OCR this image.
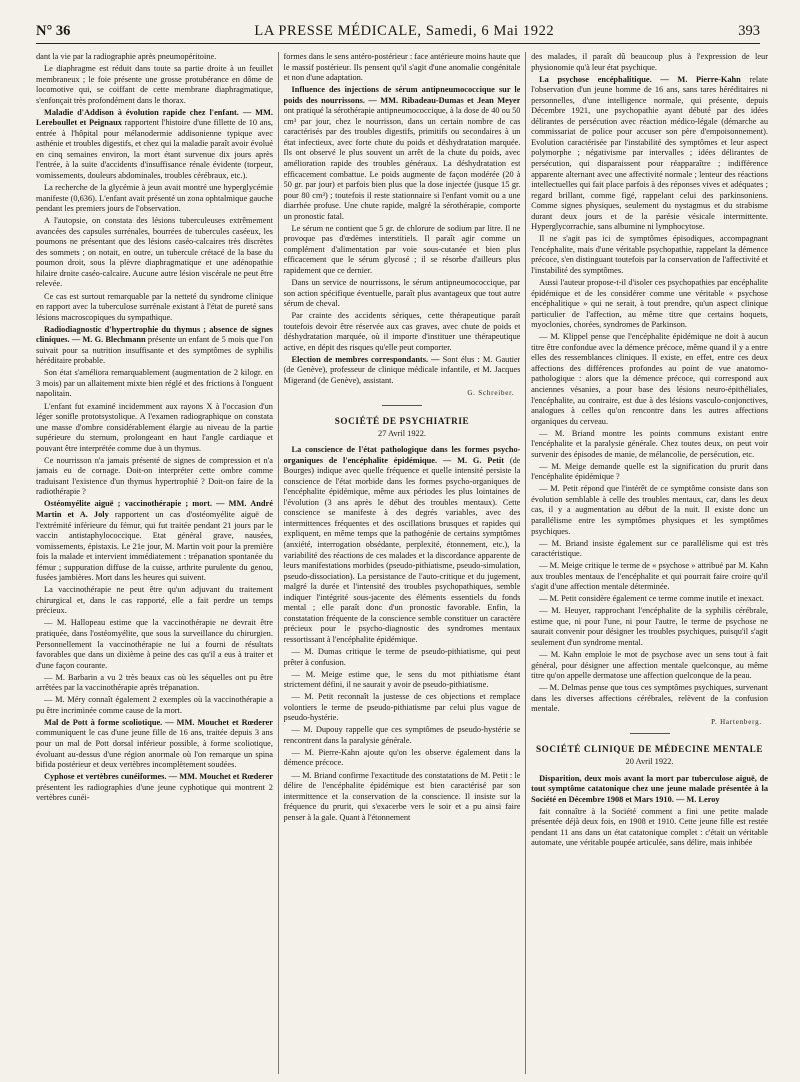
N° 36	LA PRESSE MÉDICALE, Samedi, 6 Mai 1922	393

dant la vie par la radiographie après pneumopéritoine.

Le diaphragme est réduit dans toute sa partie droite à un feuillet membraneux ; le foie présente une grosse protubérance en dôme de locomotive qui, se coiffant de cette membrane diaphragmatique, s'enfonçait très profondément dans le thorax.

Maladie d'Addison à évolution rapide chez l'enfant. — MM. Lereboullet et Peignaux rapportent l'histoire d'une fillette de 10 ans, entrée à l'hôpital pour mélanodermie addisonienne typique avec asthénie et troubles digestifs, et chez qui la maladie paraît avoir évolué en cinq semaines environ, la mort étant survenue dix jours après l'entrée, à la suite d'accidents d'insuffisance rénale évidente (torpeur, vomissements, douleurs abdominales, troubles cérébraux, etc.).

La recherche de la glycémie à jeun avait montré une hyperglycémie manifeste (0,636). L'enfant avait présenté un zona ophtalmique gauche pendant les premiers jours de l'observation.

A l'autopsie, on constata des lésions tuberculeuses extrêmement avancées des capsules surrénales, bourrées de tubercules caséeux, les poumons ne présentant que des lésions caséo-calcaires très discrètes des sommets ; on notait, en outre, un tubercule crétacé de la base du poumon droit, sous la plèvre diaphragmatique et une adénopathie hilaire droite caséo-calcaire. Aucune autre lésion viscérale ne peut être relevée.

Ce cas est surtout remarquable par la netteté du syndrome clinique en rapport avec la tuberculose surrénale existant à l'état de pureté sans lésions macroscopiques du sympathique.

Radiodiagnostic d'hypertrophie du thymus ; absence de signes cliniques. — M. G. Blechmann présente un enfant de 5 mois que l'on suivait pour sa nutrition insuffisante et des symptômes de syphilis héréditaire probable.

Son état s'améliora remarquablement (augmentation de 2 kilogr. en 3 mois) par un allaitement mixte bien réglé et des frictions à l'onguent napolitain.

L'enfant fut examiné incidemment aux rayons X à l'occasion d'un léger sonifle prototsystolique. A l'examen radiographique on constata une masse d'ombre considérablement élargie au niveau de la partie supérieure du sternum, prolongeant en haut l'angle cardiaque et pouvant être interprétée comme due à un thymus.

Ce nourrisson n'a jamais présenté de signes de compression et n'a jamais eu de cornage. Doit-on interpréter cette ombre comme traduisant l'existence d'un thymus hypertrophié ? Doit-on faire de la radiothérapie ?

Ostéomyélite aiguë ; vaccinothérapie ; mort. — MM. André Martin et A. Joly rapportent un cas d'ostéomyélite aiguë de l'extrémité inférieure du fémur, qui fut traitée pendant 21 jours par le vaccin antistaphylococcique. Etat général grave, nausées, vomissements, épistaxis. Le 21e jour, M. Martin voit pour la première fois la malade et intervient immédiatement : trépanation spontanée du fémur ; suppuration diffuse de la cuisse, arthrite purulente du genou, fusées jambières. Mort dans les heures qui suivent.

La vaccinothérapie ne peut être qu'un adjuvant du traitement chirurgical et, dans le cas rapporté, elle a fait perdre un temps précieux.

— M. Hallopeau estime que la vaccinothérapie ne devrait être pratiquée, dans l'ostéomyélite, que sous la surveillance du chirurgien. Personnellement la vaccinothérapie ne lui a fourni de résultats favorables que dans un dixième à peine des cas qu'il a eus à traiter et d'une façon courante.

— M. Barbarin a vu 2 très beaux cas où les séquelles ont pu être arrêtées par la vaccinothérapie après trépanation.

— M. Méry connaît également 2 exemples où la vaccinothérapie a pu être incriminée comme cause de la mort.

Mal de Pott à forme scoliotique. — MM. Mouchet et Rœderer communiquent le cas d'une jeune fille de 16 ans, traitée depuis 3 ans pour un mal de Pott dorsal inférieur possible, à forme scoliotique, évoluant au-dessus d'une région anormale où l'on remarque un spina bifida postérieur et deux vertèbres incomplètement soudées.

Cyphose et vertèbres cunéiformes. — MM. Mouchet et Rœderer présentent les radiographies d'une jeune cyphotique qui montrent 2 vertèbres cunéi-

formes dans le sens antéro-postérieur : face antérieure moins haute que le massif postérieur. Ils pensent qu'il s'agit d'une anomalie congénitale et non d'une adaptation.

Influence des injections de sérum antipneumococcique sur le poids des nourrissons. — MM. Ribadeau-Dumas et Jean Meyer ont pratiqué la sérothérapie antipneumococcique, à la dose de 40 ou 50 cm³ par jour, chez le nourrisson, dans un certain nombre de cas caractérisés par des troubles digestifs, primitifs ou secondaires à un état infectieux, avec forte chute du poids et déshydratation marquée. Ils ont observé le plus souvent un arrêt de la chute du poids, avec amélioration rapide des troubles généraux. La déshydratation est efficacement combattue. Le poids augmente de façon modérée (20 à 50 gr. par jour) et parfois bien plus que la dose injectée (jusque 15 gr. pour 80 cm³) ; toutefois il reste stationnaire si l'enfant vomit ou a une diarrhée profuse. Une chute rapide, malgré la sérothérapie, comporte un pronostic fatal.

Le sérum ne contient que 5 gr. de chlorure de sodium par litre. Il ne provoque pas d'œdèmes interstitiels. Il paraît agir comme un complément d'alimentation par voie sous-cutanée et bien plus efficacement que le sérum glycosé ; il se résorbe d'ailleurs plus rapidement que ce dernier.

Dans un service de nourrissons, le sérum antipneumococcique, par son action spécifique éventuelle, paraît plus avantageux que tout autre sérum de cheval.

Par crainte des accidents sériques, cette thérapeutique paraît toutefois devoir être réservée aux cas graves, avec chute de poids et déshydratation marquée, où il importe d'instituer une thérapeutique active, en dépit des risques qu'elle peut comporter.

Election de membres correspondants. — Sont élus : M. Gautier (de Genève), professeur de clinique médicale infantile, et M. Jacques Migerand (de Genève), assistant.

G. Schreiber.
SOCIÉTÉ DE PSYCHIATRIE
27 Avril 1922.

La conscience de l'état pathologique dans les formes psycho-organiques de l'encéphalite épidémique. — M. G. Petit (de Bourges) indique avec quelle fréquence et quelle intensité persiste la conscience de l'état morbide dans les formes psycho-organiques de l'encéphalite épidémique, même aux périodes les plus lointaines de l'évolution (3 ans après le début des troubles mentaux). Cette conscience se manifeste à des degrés variables, avec des intermittences fréquentes et des oscillations brusques et rapides qui expliquent, en même temps que la pathogénie de certains symptômes (anxiété, interrogation obsédante, perplexité, étonnement, etc.), la variabilité des réactions de ces malades et la discordance apparente de leurs manifestations morbides (pseudo-pithiatisme, pseudo-simulation, pseudo-dissociation). La persistance de l'auto-critique et du jugement, malgré la durée et l'intensité des troubles psychopathiques, semble indiquer l'intégrité sous-jacente des éléments essentiels du fonds mental ; elle paraît donc d'un pronostic favorable. Enfin, la constatation fréquente de la conscience semble constituer un caractère précieux pour le psycho-diagnostic des syndromes mentaux ressortissant à l'encéphalite épidémique.

— M. Dumas critique le terme de pseudo-pithiatisme, qui peut prêter à confusion.

— M. Meige estime que, le sens du mot pithiatisme étant strictement défini, il ne saurait y avoir de pseudo-pithiatisme.

— M. Petit reconnaît la justesse de ces objections et remplace volontiers le terme de pseudo-pithiatisme par celui plus vague de pseudo-hystérie.

— M. Dupouy rappelle que ces symptômes de pseudo-hystérie se rencontrent dans la paralysie générale.

— M. Pierre-Kahn ajoute qu'on les observe également dans la démence précoce.

— M. Briand confirme l'exactitude des constatations de M. Petit : le délire de l'encéphalite épidémique est bien caractérisé par son intermittence et la conservation de la conscience. Il insiste sur la fréquence du prurit, qui s'exacerbe vers le soir et a pu ainsi faire penser à la gale. Quant à l'étonnement

des malades, il paraît dû beaucoup plus à l'expression de leur physionomie qu'à leur état psychique.

La psychose encéphalitique. — M. Pierre-Kahn relate l'observation d'un jeune homme de 16 ans, sans tares héréditaires ni personnelles, d'une intelligence normale, qui présente, depuis Décembre 1921, une psychopathie ayant débuté par des idées délirantes de persécution avec réaction médico-légale (démarche au commissariat de police pour accuser son père d'empoisonnement). Evolution caractérisée par l'instabilité des symptômes et leur aspect polymorphe ; négativisme par intervalles ; idées délirantes de persécution, qui disparaissent pour réapparaître ; indifférence apparente alternant avec une affectivité normale ; lenteur des réactions intellectuelles qui fait place parfois à des réponses vives et adéquates ; regard brillant, comme figé, rappelant celui des parkinsoniens. Comme signes physiques, seulement du nystagmus et du strabisme durant deux jours et de la parésie vésicale intermittente. Hyperglycorrachie, sans albumine ni lymphocytose.

Il ne s'agit pas ici de symptômes épisodiques, accompagnant l'encéphalite, mais d'une véritable psychopathie, rappelant la démence précoce, s'en distinguant toutefois par la conservation de l'affectivité et l'instabilité des symptômes.

Aussi l'auteur propose-t-il d'isoler ces psychopathies par encéphalite épidémique et de les considérer comme une véritable « psychose encéphalitique » qui ne serait, à tout prendre, qu'un aspect clinique particulier de l'affection, au même titre que certains hoquets, myoclonies, chorées, syndromes de Parkinson.

— M. Klippel pense que l'encéphalite épidémique ne doit à aucun titre être confondue avec la démence précoce, même quand il y a entre elles des ressemblances cliniques. Il existe, en effet, entre ces deux affections des différences profondes au point de vue anatomo-pathologique : alors que la démence précoce, qui correspond aux anciennes vésanies, a pour base des lésions neuro-épithéliales, l'encéphalite, au contraire, est due à des lésions vasculo-conjonctives, analogues à celles qu'on rencontre dans les autres affections organiques du cerveau.

— M. Briand montre les points communs existant entre l'encéphalite et la paralysie générale. Chez toutes deux, on peut voir survenir des épisodes de manie, de mélancolie, de persécution, etc.

— M. Meige demande quelle est la signification du prurit dans l'encéphalite épidémique ?

— M. Petit répond que l'intérêt de ce symptôme consiste dans son évolution semblable à celle des troubles mentaux, car, dans les deux cas, il y a augmentation au début de la nuit. Il existe donc un parallélisme entre les symptômes physiques et les symptômes psychiques.

— M. Briand insiste également sur ce parallélisme qui est très caractéristique.

— M. Meige critique le terme de « psychose » attribué par M. Kahn aux troubles mentaux de l'encéphalite et qui pourrait faire croire qu'il s'agit d'une affection mentale déterminée.

— M. Petit considère également ce terme comme inutile et inexact.

— M. Heuyer, rapprochant l'encéphalite de la syphilis cérébrale, estime que, ni pour l'une, ni pour l'autre, le terme de psychose ne saurait convenir pour désigner les troubles psychiques, puisqu'il s'agit seulement d'un syndrome mental.

— M. Kahn emploie le mot de psychose avec un sens tout à fait général, pour désigner une affection mentale quelconque, au même titre qu'on appelle dermatose une affection quelconque de la peau.

— M. Delmas pense que tous ces symptômes psychiques, survenant dans les diverses affections cérébrales, relèvent de la confusion mentale.

P. Hartenberg.
SOCIÉTÉ CLINIQUE DE MÉDECINE MENTALE
20 Avril 1922.

Disparition, deux mois avant la mort par tuberculose aiguë, de tout symptôme catatonique chez une jeune malade présentée à la Société en Décembre 1908 et Mars 1910. — M. Leroy

fait connaître à la Société comment a fini une petite malade présentée déjà deux fois, en 1908 et 1910. Cette jeune fille est restée pendant 11 ans dans un état catatonique complet : c'était un véritable automate, une véritable poupée articulée, sans délire, mais inhibée
